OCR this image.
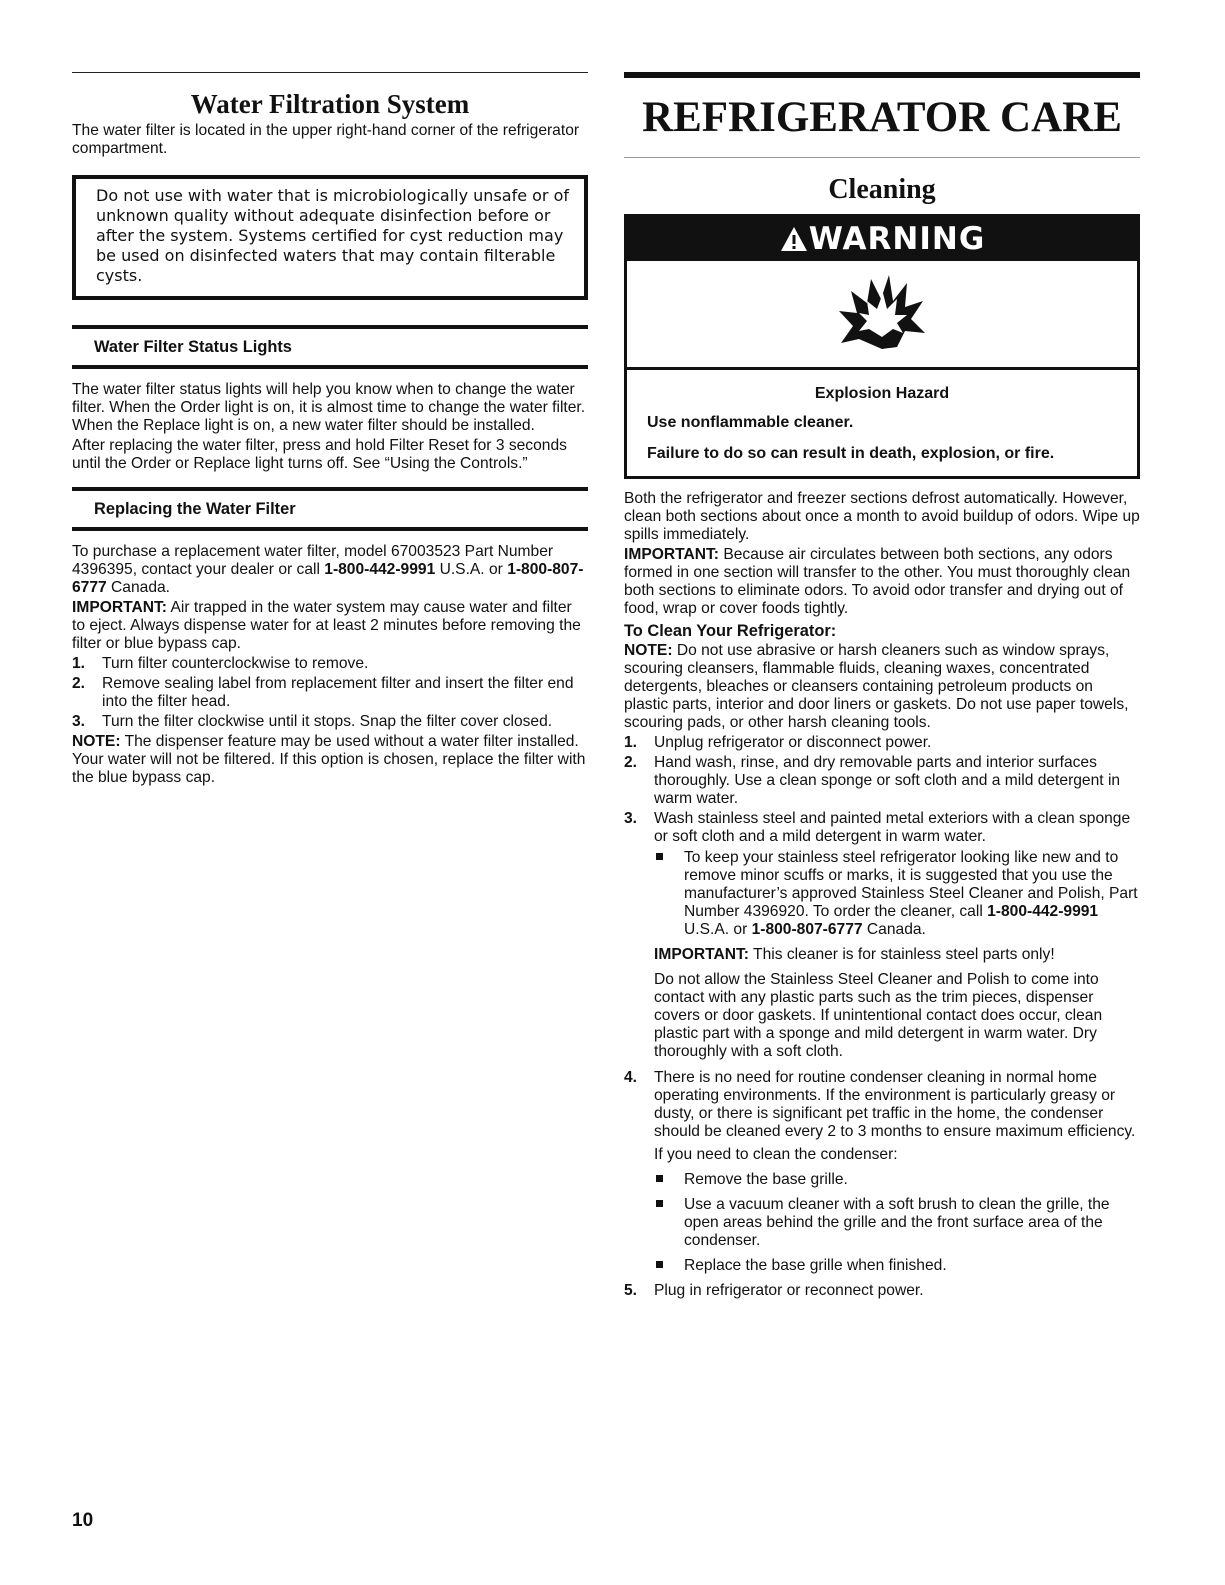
Water Filtration System

The water filter is located in the upper right-hand corner of the refrigerator compartment.

Do not use with water that is microbiologically unsafe or of unknown quality without adequate disinfection before or after the system. Systems certified for cyst reduction may be used on disinfected waters that may contain filterable cysts.
Water Filter Status Lights

The water filter status lights will help you know when to change the water filter. When the Order light is on, it is almost time to change the water filter. When the Replace light is on, a new water filter should be installed.

After replacing the water filter, press and hold Filter Reset for 3 seconds until the Order or Replace light turns off. See “Using the Controls.”

Replacing the Water Filter

To purchase a replacement water filter, model 67003523 Part Number 4396395, contact your dealer or call 1-800-442-9991 U.S.A. or 1-800-807-6777 Canada.

IMPORTANT: Air trapped in the water system may cause water and filter to eject. Always dispense water for at least 2 minutes before removing the filter or blue bypass cap.

1.	Turn filter counterclockwise to remove.
2.	Remove sealing label from replacement filter and insert the filter end into the filter head.
3.	Turn the filter clockwise until it stops. Snap the filter cover closed.

NOTE: The dispenser feature may be used without a water filter installed. Your water will not be filtered. If this option is chosen, replace the filter with the blue bypass cap.

10
REFRIGERATOR CARE
Cleaning
WARNING
Explosion Hazard
Use nonflammable cleaner.
Failure to do so can result in death, explosion, or fire.

Both the refrigerator and freezer sections defrost automatically. However, clean both sections about once a month to avoid buildup of odors. Wipe up spills immediately.

IMPORTANT: Because air circulates between both sections, any odors formed in one section will transfer to the other. You must thoroughly clean both sections to eliminate odors. To avoid odor transfer and drying out of food, wrap or cover foods tightly.

To Clean Your Refrigerator:

NOTE: Do not use abrasive or harsh cleaners such as window sprays, scouring cleansers, flammable fluids, cleaning waxes, concentrated detergents, bleaches or cleansers containing petroleum products on plastic parts, interior and door liners or gaskets. Do not use paper towels, scouring pads, or other harsh cleaning tools.

1.	Unplug refrigerator or disconnect power.
2.	Hand wash, rinse, and dry removable parts and interior surfaces thoroughly. Use a clean sponge or soft cloth and a mild detergent in warm water.
3.	Wash stainless steel and painted metal exteriors with a clean sponge or soft cloth and a mild detergent in warm water.
To keep your stainless steel refrigerator looking like new and to remove minor scuffs or marks, it is suggested that you use the manufacturer’s approved Stainless Steel Cleaner and Polish, Part Number 4396920. To order the cleaner, call 1-800-442-9991 U.S.A. or 1-800-807-6777 Canada.

IMPORTANT: This cleaner is for stainless steel parts only!

Do not allow the Stainless Steel Cleaner and Polish to come into contact with any plastic parts such as the trim pieces, dispenser covers or door gaskets. If unintentional contact does occur, clean plastic part with a sponge and mild detergent in warm water. Dry thoroughly with a soft cloth.

4.	There is no need for routine condenser cleaning in normal home operating environments. If the environment is particularly greasy or dusty, or there is significant pet traffic in the home, the condenser should be cleaned every 2 to 3 months to ensure maximum efficiency.
If you need to clean the condenser:
Remove the base grille.
Use a vacuum cleaner with a soft brush to clean the grille, the open areas behind the grille and the front surface area of the condenser.
Replace the base grille when finished.
5.	Plug in refrigerator or reconnect power.
